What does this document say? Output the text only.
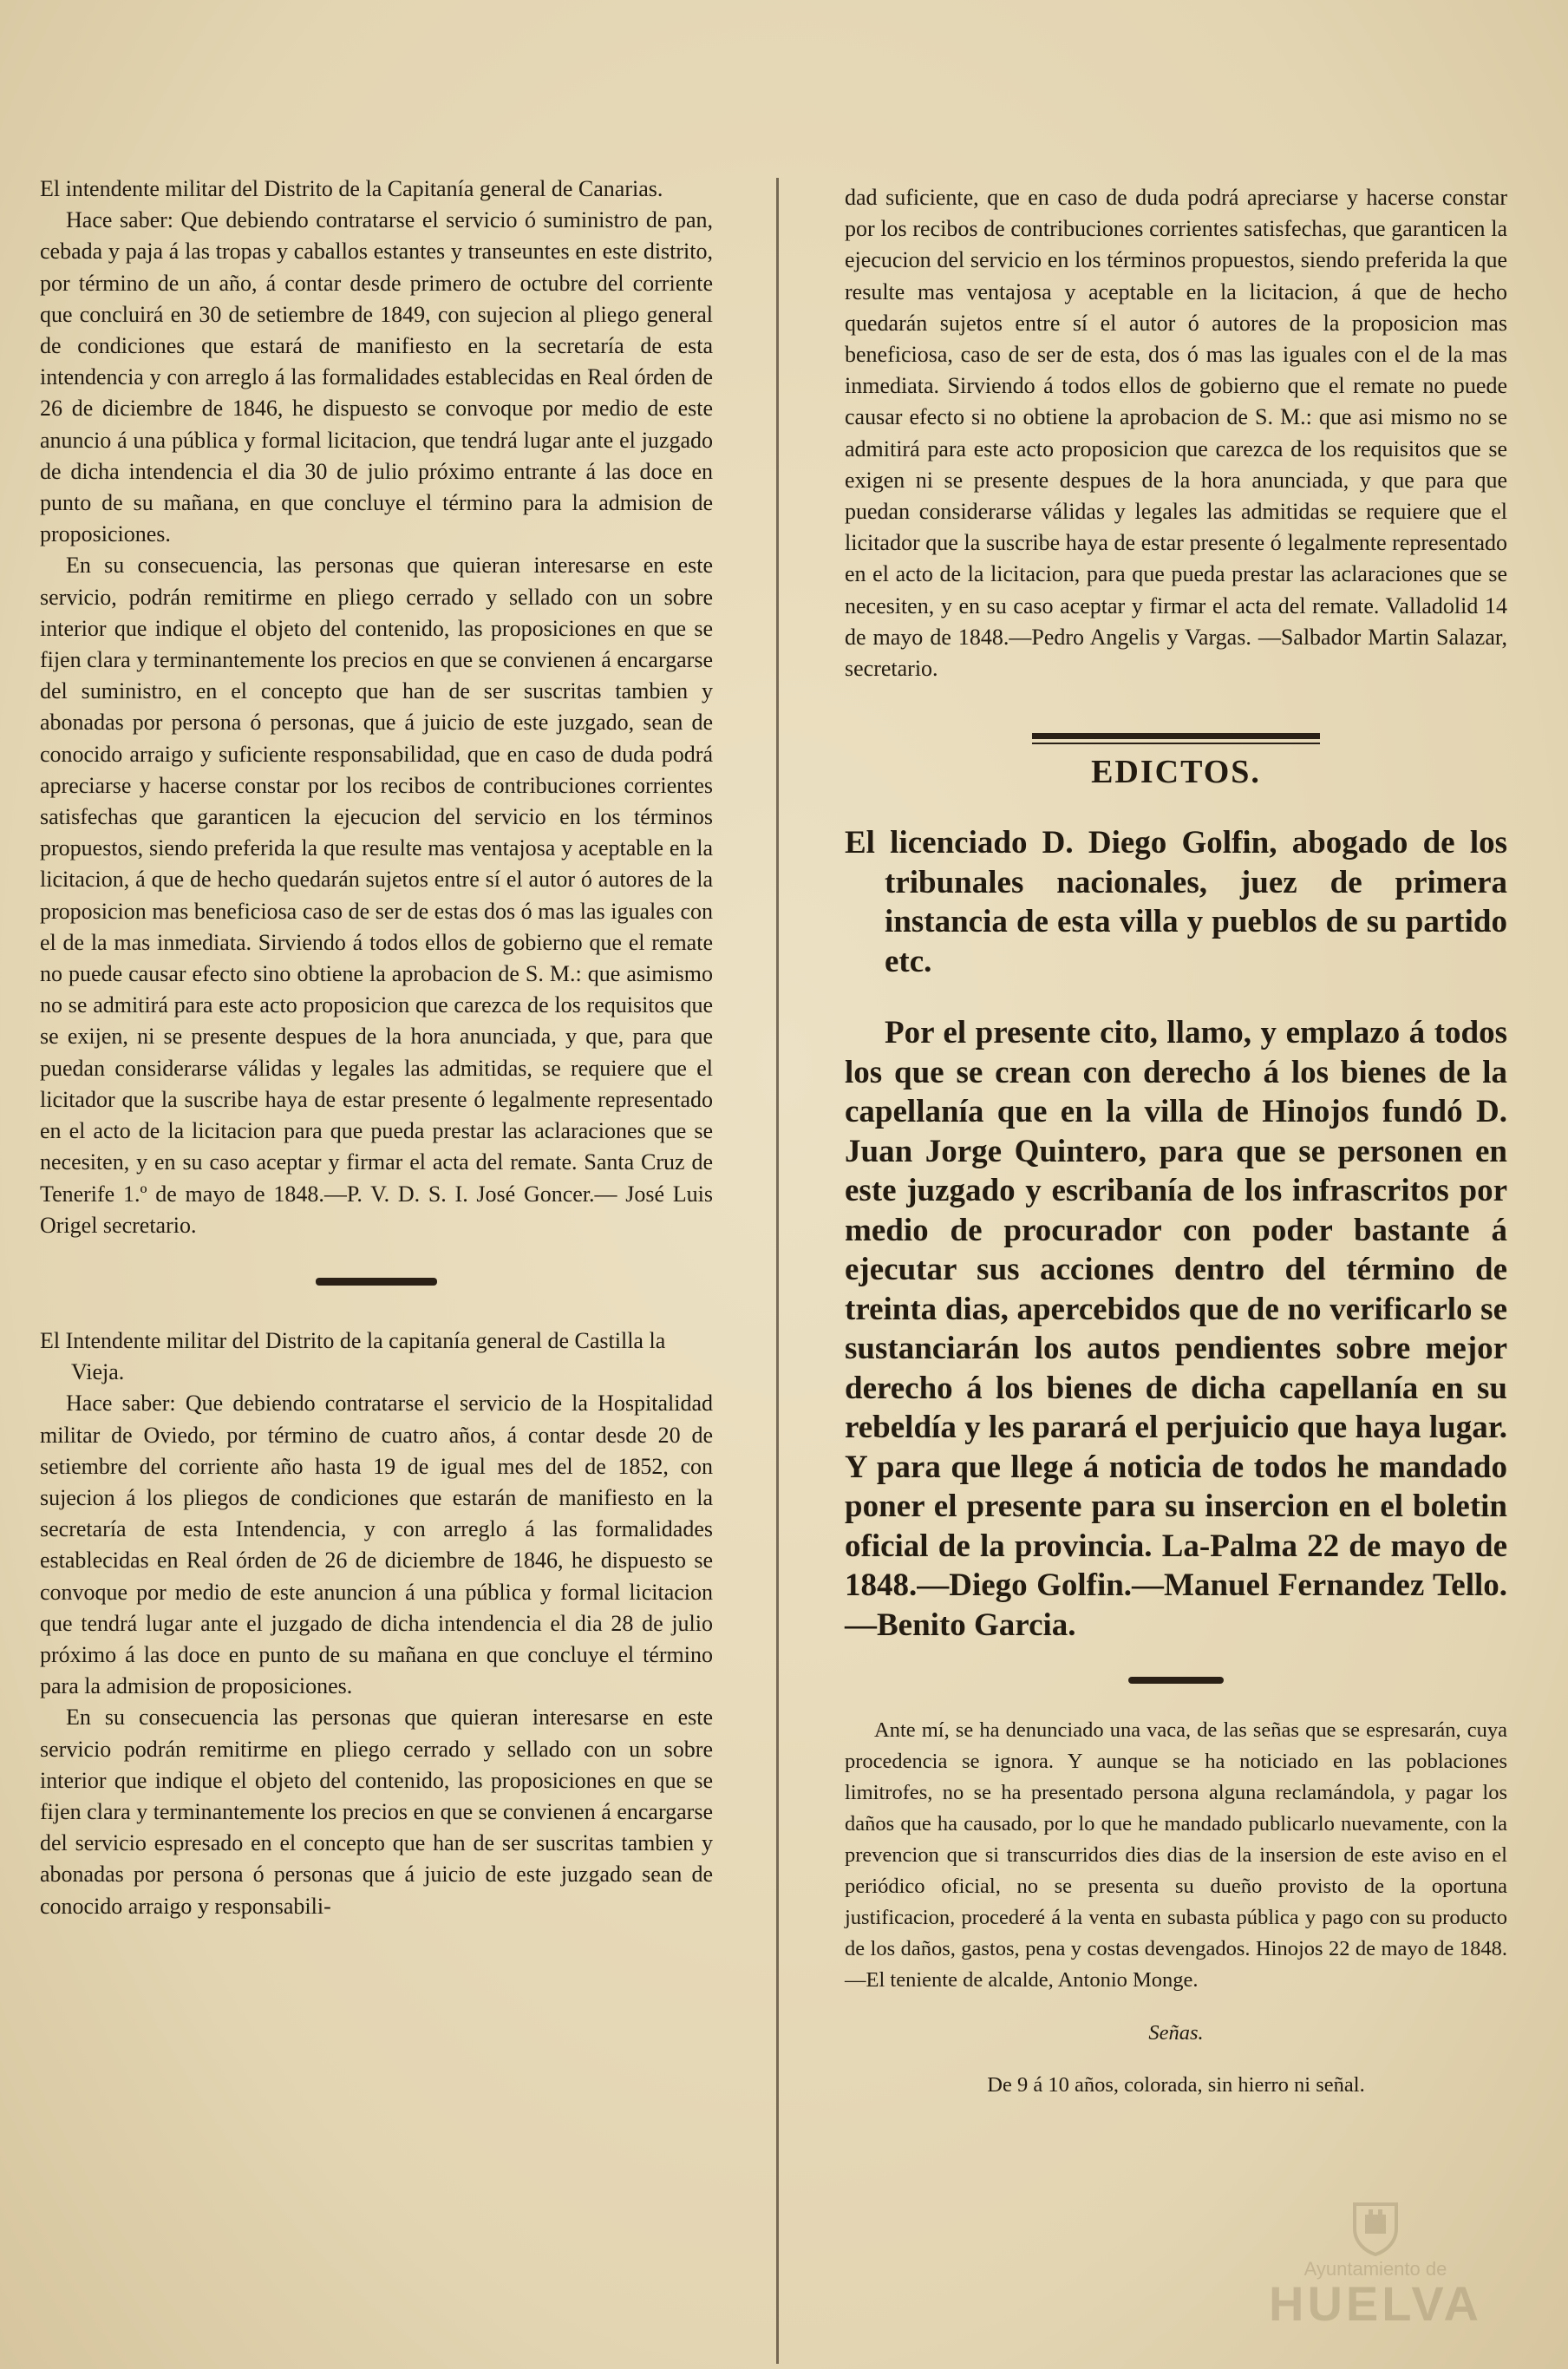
El intendente militar del Distrito de la Capitanía general de Canarias.

Hace saber: Que debiendo contratarse el servicio ó suministro de pan, cebada y paja á las tropas y caballos estantes y transeuntes en este distrito, por término de un año, á contar desde primero de octubre del corriente que concluirá en 30 de setiembre de 1849, con sujecion al pliego general de condiciones que estará de manifiesto en la secretaría de esta intendencia y con arreglo á las formalidades establecidas en Real órden de 26 de diciembre de 1846, he dispuesto se convoque por medio de este anuncio á una pública y formal licitacion, que tendrá lugar ante el juzgado de dicha intendencia el dia 30 de julio próximo entrante á las doce en punto de su mañana, en que concluye el término para la admision de proposiciones.

En su consecuencia, las personas que quieran interesarse en este servicio, podrán remitirme en pliego cerrado y sellado con un sobre interior que indique el objeto del contenido, las proposiciones en que se fijen clara y terminantemente los precios en que se convienen á encargarse del suministro, en el concepto que han de ser suscritas tambien y abonadas por persona ó personas, que á juicio de este juzgado, sean de conocido arraigo y suficiente responsabilidad, que en caso de duda podrá apreciarse y hacerse constar por los recibos de contribuciones corrientes satisfechas que garanticen la ejecucion del servicio en los términos propuestos, siendo preferida la que resulte mas ventajosa y aceptable en la licitacion, á que de hecho quedarán sujetos entre sí el autor ó autores de la proposicion mas beneficiosa caso de ser de estas dos ó mas las iguales con el de la mas inmediata. Sirviendo á todos ellos de gobierno que el remate no puede causar efecto sino obtiene la aprobacion de S. M.: que asimismo no se admitirá para este acto proposicion que carezca de los requisitos que se exijen, ni se presente despues de la hora anunciada, y que, para que puedan considerarse válidas y legales las admitidas, se requiere que el licitador que la suscribe haya de estar presente ó legalmente representado en el acto de la licitacion para que pueda prestar las aclaraciones que se necesiten, y en su caso aceptar y firmar el acta del remate. Santa Cruz de Tenerife 1.º de mayo de 1848.—P. V. D. S. I. José Goncer.— José Luis Origel secretario.

El Intendente militar del Distrito de la capitanía general de Castilla la Vieja.

Hace saber: Que debiendo contratarse el servicio de la Hospitalidad militar de Oviedo, por término de cuatro años, á contar desde 20 de setiembre del corriente año hasta 19 de igual mes del de 1852, con sujecion á los pliegos de condiciones que estarán de manifiesto en la secretaría de esta Intendencia, y con arreglo á las formalidades establecidas en Real órden de 26 de diciembre de 1846, he dispuesto se convoque por medio de este anuncion á una pública y formal licitacion que tendrá lugar ante el juzgado de dicha intendencia el dia 28 de julio próximo á las doce en punto de su mañana en que concluye el término para la admision de proposiciones.

En su consecuencia las personas que quieran interesarse en este servicio podrán remitirme en pliego cerrado y sellado con un sobre interior que indique el objeto del contenido, las proposiciones en que se fijen clara y terminantemente los precios en que se convienen á encargarse del servicio espresado en el concepto que han de ser suscritas tambien y abonadas por persona ó personas que á juicio de este juzgado sean de conocido arraigo y responsabili-

dad suficiente, que en caso de duda podrá apreciarse y hacerse constar por los recibos de contribuciones corrientes satisfechas, que garanticen la ejecucion del servicio en los términos propuestos, siendo preferida la que resulte mas ventajosa y aceptable en la licitacion, á que de hecho quedarán sujetos entre sí el autor ó autores de la proposicion mas beneficiosa, caso de ser de esta, dos ó mas las iguales con el de la mas inmediata. Sirviendo á todos ellos de gobierno que el remate no puede causar efecto si no obtiene la aprobacion de S. M.: que asi mismo no se admitirá para este acto proposicion que carezca de los requisitos que se exigen ni se presente despues de la hora anunciada, y que para que puedan considerarse válidas y legales las admitidas se requiere que el licitador que la suscribe haya de estar presente ó legalmente representado en el acto de la licitacion, para que pueda prestar las aclaraciones que se necesiten, y en su caso aceptar y firmar el acta del remate. Valladolid 14 de mayo de 1848.—Pedro Angelis y Vargas. —Salbador Martin Salazar, secretario.

EDICTOS.

El licenciado D. Diego Golfin, abogado de los tribunales nacionales, juez de primera instancia de esta villa y pueblos de su partido etc.

Por el presente cito, llamo, y emplazo á todos los que se crean con derecho á los bienes de la capellanía que en la villa de Hinojos fundó D. Juan Jorge Quintero, para que se personen en este juzgado y escribanía de los infrascritos por medio de procurador con poder bastante á ejecutar sus acciones dentro del término de treinta dias, apercebidos que de no verificarlo se sustanciarán los autos pendientes sobre mejor derecho á los bienes de dicha capellanía en su rebeldía y les parará el perjuicio que haya lugar. Y para que llege á noticia de todos he mandado poner el presente para su insercion en el boletin oficial de la provincia. La-Palma 22 de mayo de 1848.—Diego Golfin.—Manuel Fernandez Tello.—Benito Garcia.

Ante mí, se ha denunciado una vaca, de las señas que se espresarán, cuya procedencia se ignora. Y aunque se ha noticiado en las poblaciones limitrofes, no se ha presentado persona alguna reclamándola, y pagar los daños que ha causado, por lo que he mandado publicarlo nuevamente, con la prevencion que si transcurridos dies dias de la insersion de este aviso en el periódico oficial, no se presenta su dueño provisto de la oportuna justificacion, procederé á la venta en subasta pública y pago con su producto de los daños, gastos, pena y costas devengados. Hinojos 22 de mayo de 1848.—El teniente de alcalde, Antonio Monge.

Señas.

De 9 á 10 años, colorada, sin hierro ni señal.

Ayuntamiento de
HUELVA
